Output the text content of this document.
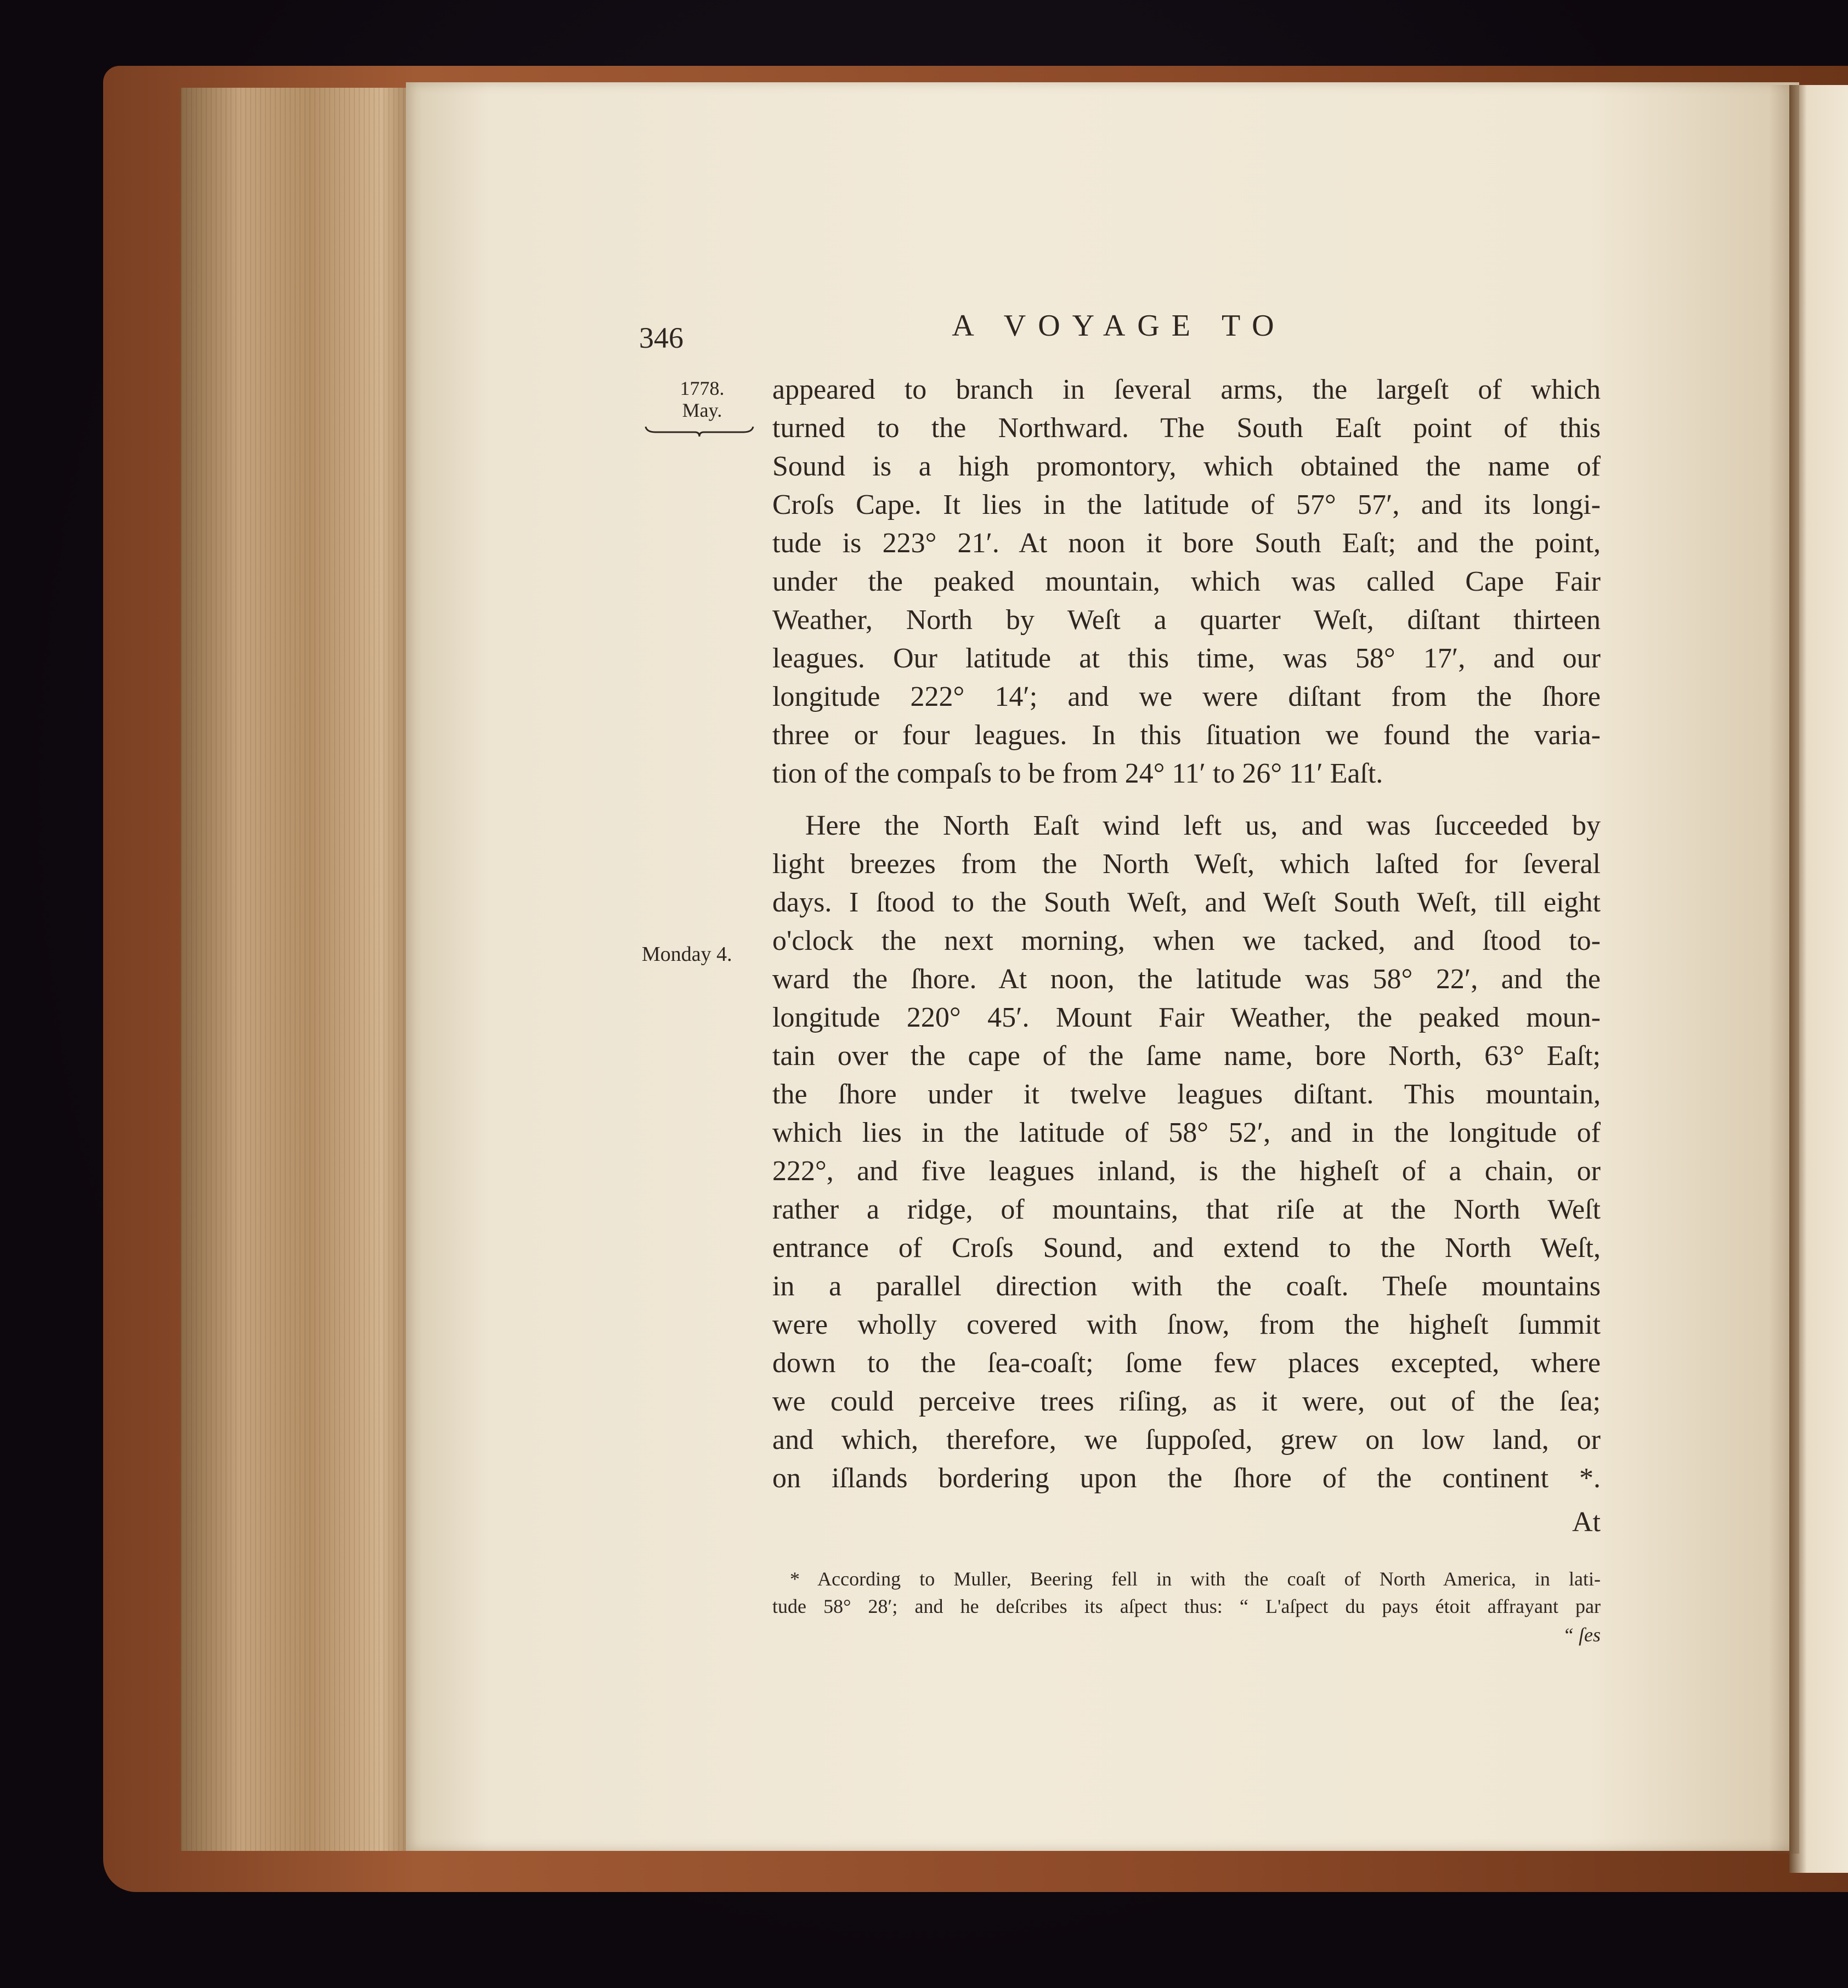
346	A VOYAGE TO
1778.
May.
Monday 4.
appeared to branch in ſeveral arms, the largeſt of which
turned to the Northward. The South Eaſt point of this
Sound is a high promontory, which obtained the name of
Croſs Cape. It lies in the latitude of 57° 57′, and its longi-
tude is 223° 21′. At noon it bore South Eaſt; and the point,
under the peaked mountain, which was called Cape Fair
Weather, North by Weſt a quarter Weſt, diſtant thirteen
leagues. Our latitude at this time, was 58° 17′, and our
longitude 222° 14′; and we were diſtant from the ſhore
three or four leagues. In this ſituation we found the varia-
tion of the compaſs to be from 24° 11′ to 26° 11′ Eaſt.
Here the North Eaſt wind left us, and was ſucceeded by
light breezes from the North Weſt, which laſted for ſeveral
days. I ſtood to the South Weſt, and Weſt South Weſt, till eight
o'clock the next morning, when we tacked, and ſtood to-
ward the ſhore. At noon, the latitude was 58° 22′, and the
longitude 220° 45′. Mount Fair Weather, the peaked moun-
tain over the cape of the ſame name, bore North, 63° Eaſt;
the ſhore under it twelve leagues diſtant. This mountain,
which lies in the latitude of 58° 52′, and in the longitude of
222°, and five leagues inland, is the higheſt of a chain, or
rather a ridge, of mountains, that riſe at the North Weſt
entrance of Croſs Sound, and extend to the North Weſt,
in a parallel direction with the coaſt. Theſe mountains
were wholly covered with ſnow, from the higheſt ſummit
down to the ſea-coaſt; ſome few places excepted, where
we could perceive trees riſing, as it were, out of the ſea;
and which, therefore, we ſuppoſed, grew on low land, or
on iſlands bordering upon the ſhore of the continent *.
At
* According to Muller, Beering fell in with the coaſt of North America, in lati-
tude 58° 28′; and he deſcribes its aſpect thus: “ L'aſpect du pays étoit affrayant par
“ ſes
